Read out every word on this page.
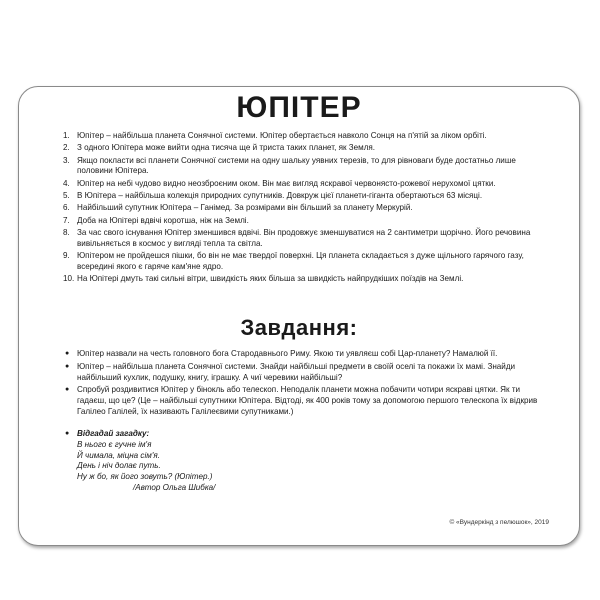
ЮПІТЕР
1. Юпітер – найбільша планета Сонячної системи. Юпітер обертається навколо Сонця на п'ятій за ліком орбіті.
2. З одного Юпітера може вийти одна тисяча ще й триста таких планет, як Земля.
3. Якщо покласти всі планети Сонячної системи на одну шальку уявних терезів, то для рівноваги буде достатньо лише половини Юпітера.
4. Юпітер на небі чудово видно неозброєним оком. Він має вигляд яскравої червонясто-рожевої нерухомої цятки.
5. В Юпітера – найбільша колекція природних супутників. Довкруж цієї планети-гіганта обертаються 63 місяці.
6. Найбільший супутник Юпітера – Ганімед. За розмірами він більший за планету Меркурій.
7. Доба на Юпітері вдвічі коротша, ніж на Землі.
8. За час свого існування Юпітер зменшився вдвічі. Він продовжує зменшуватися на 2 сантиметри щорічно. Його речовина вивільняється в космос у вигляді тепла та світла.
9. Юпітером не пройдешся пішки, бо він не має твердої поверхні. Ця планета складається з дуже щільного гарячого газу, всередині якого є гаряче кам'яне ядро.
10. На Юпітері дмуть такі сильні вітри, швидкість яких більша за швидкість найпрудкіших поїздів на Землі.
Завдання:
● Юпітер назвали на честь головного бога Стародавнього Риму. Якою ти уявляєш собі Цар-планету? Намалюй її.
● Юпітер – найбільша планета Сонячної системи. Знайди найбільші предмети в своїй оселі та покажи їх мамі. Знайди найбільший кухлик, подушку, книгу, іграшку. А чиї черевики найбільші?
● Спробуй роздивитися Юпітер у бінокль або телескоп. Неподалік планети можна побачити чотири яскраві цятки. Як ти гадаєш, що це? (Це – найбільші супутники Юпітера. Відтоді, як 400 років тому за допомогою першого телескопа їх відкрив Галілео Галілей, їх називають Галілеєвими супутниками.)
● Відгадай загадку:
В нього є гучне ім'я
Й чимала, міцна сім'я.
День і ніч долає путь.
Ну ж бо, як його зовуть? (Юпітер.)
/Автор Ольга Шибка/
© «Вундеркінд з пелюшок», 2019
